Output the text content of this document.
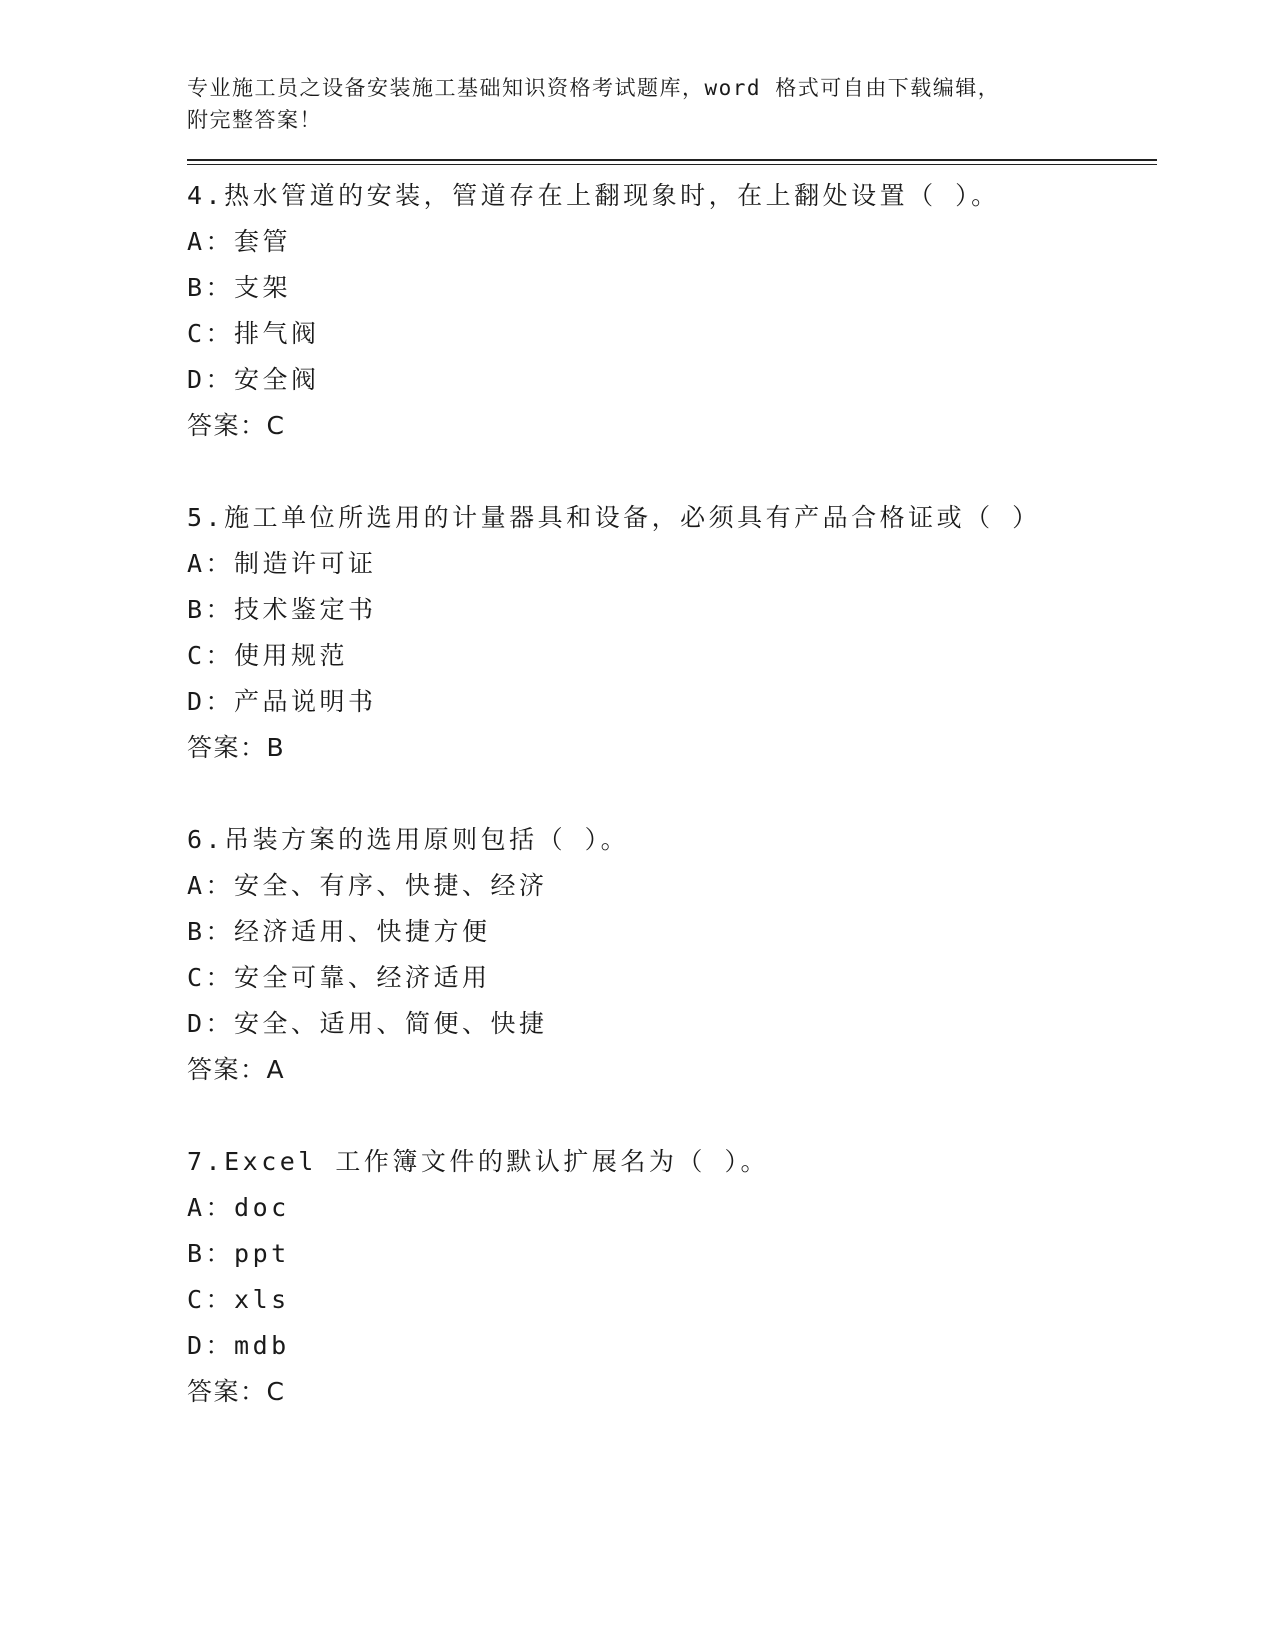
专业施工员之设备安装施工基础知识资格考试题库，word 格式可自由下载编辑，

附完整答案！

4.热水管道的安装，管道存在上翻现象时，在上翻处设置（ ）。

A：套管

B：支架

C：排气阀

D：安全阀

答案：C

5.施工单位所选用的计量器具和设备，必须具有产品合格证或（ ）

A：制造许可证

B：技术鉴定书

C：使用规范

D：产品说明书

答案：B

6.吊装方案的选用原则包括（ ）。

A：安全、有序、快捷、经济

B：经济适用、快捷方便

C：安全可靠、经济适用

D：安全、适用、简便、快捷

答案：A

7.Excel 工作簿文件的默认扩展名为（ ）。

A：doc

B：ppt

C：xls

D：mdb

答案：C
